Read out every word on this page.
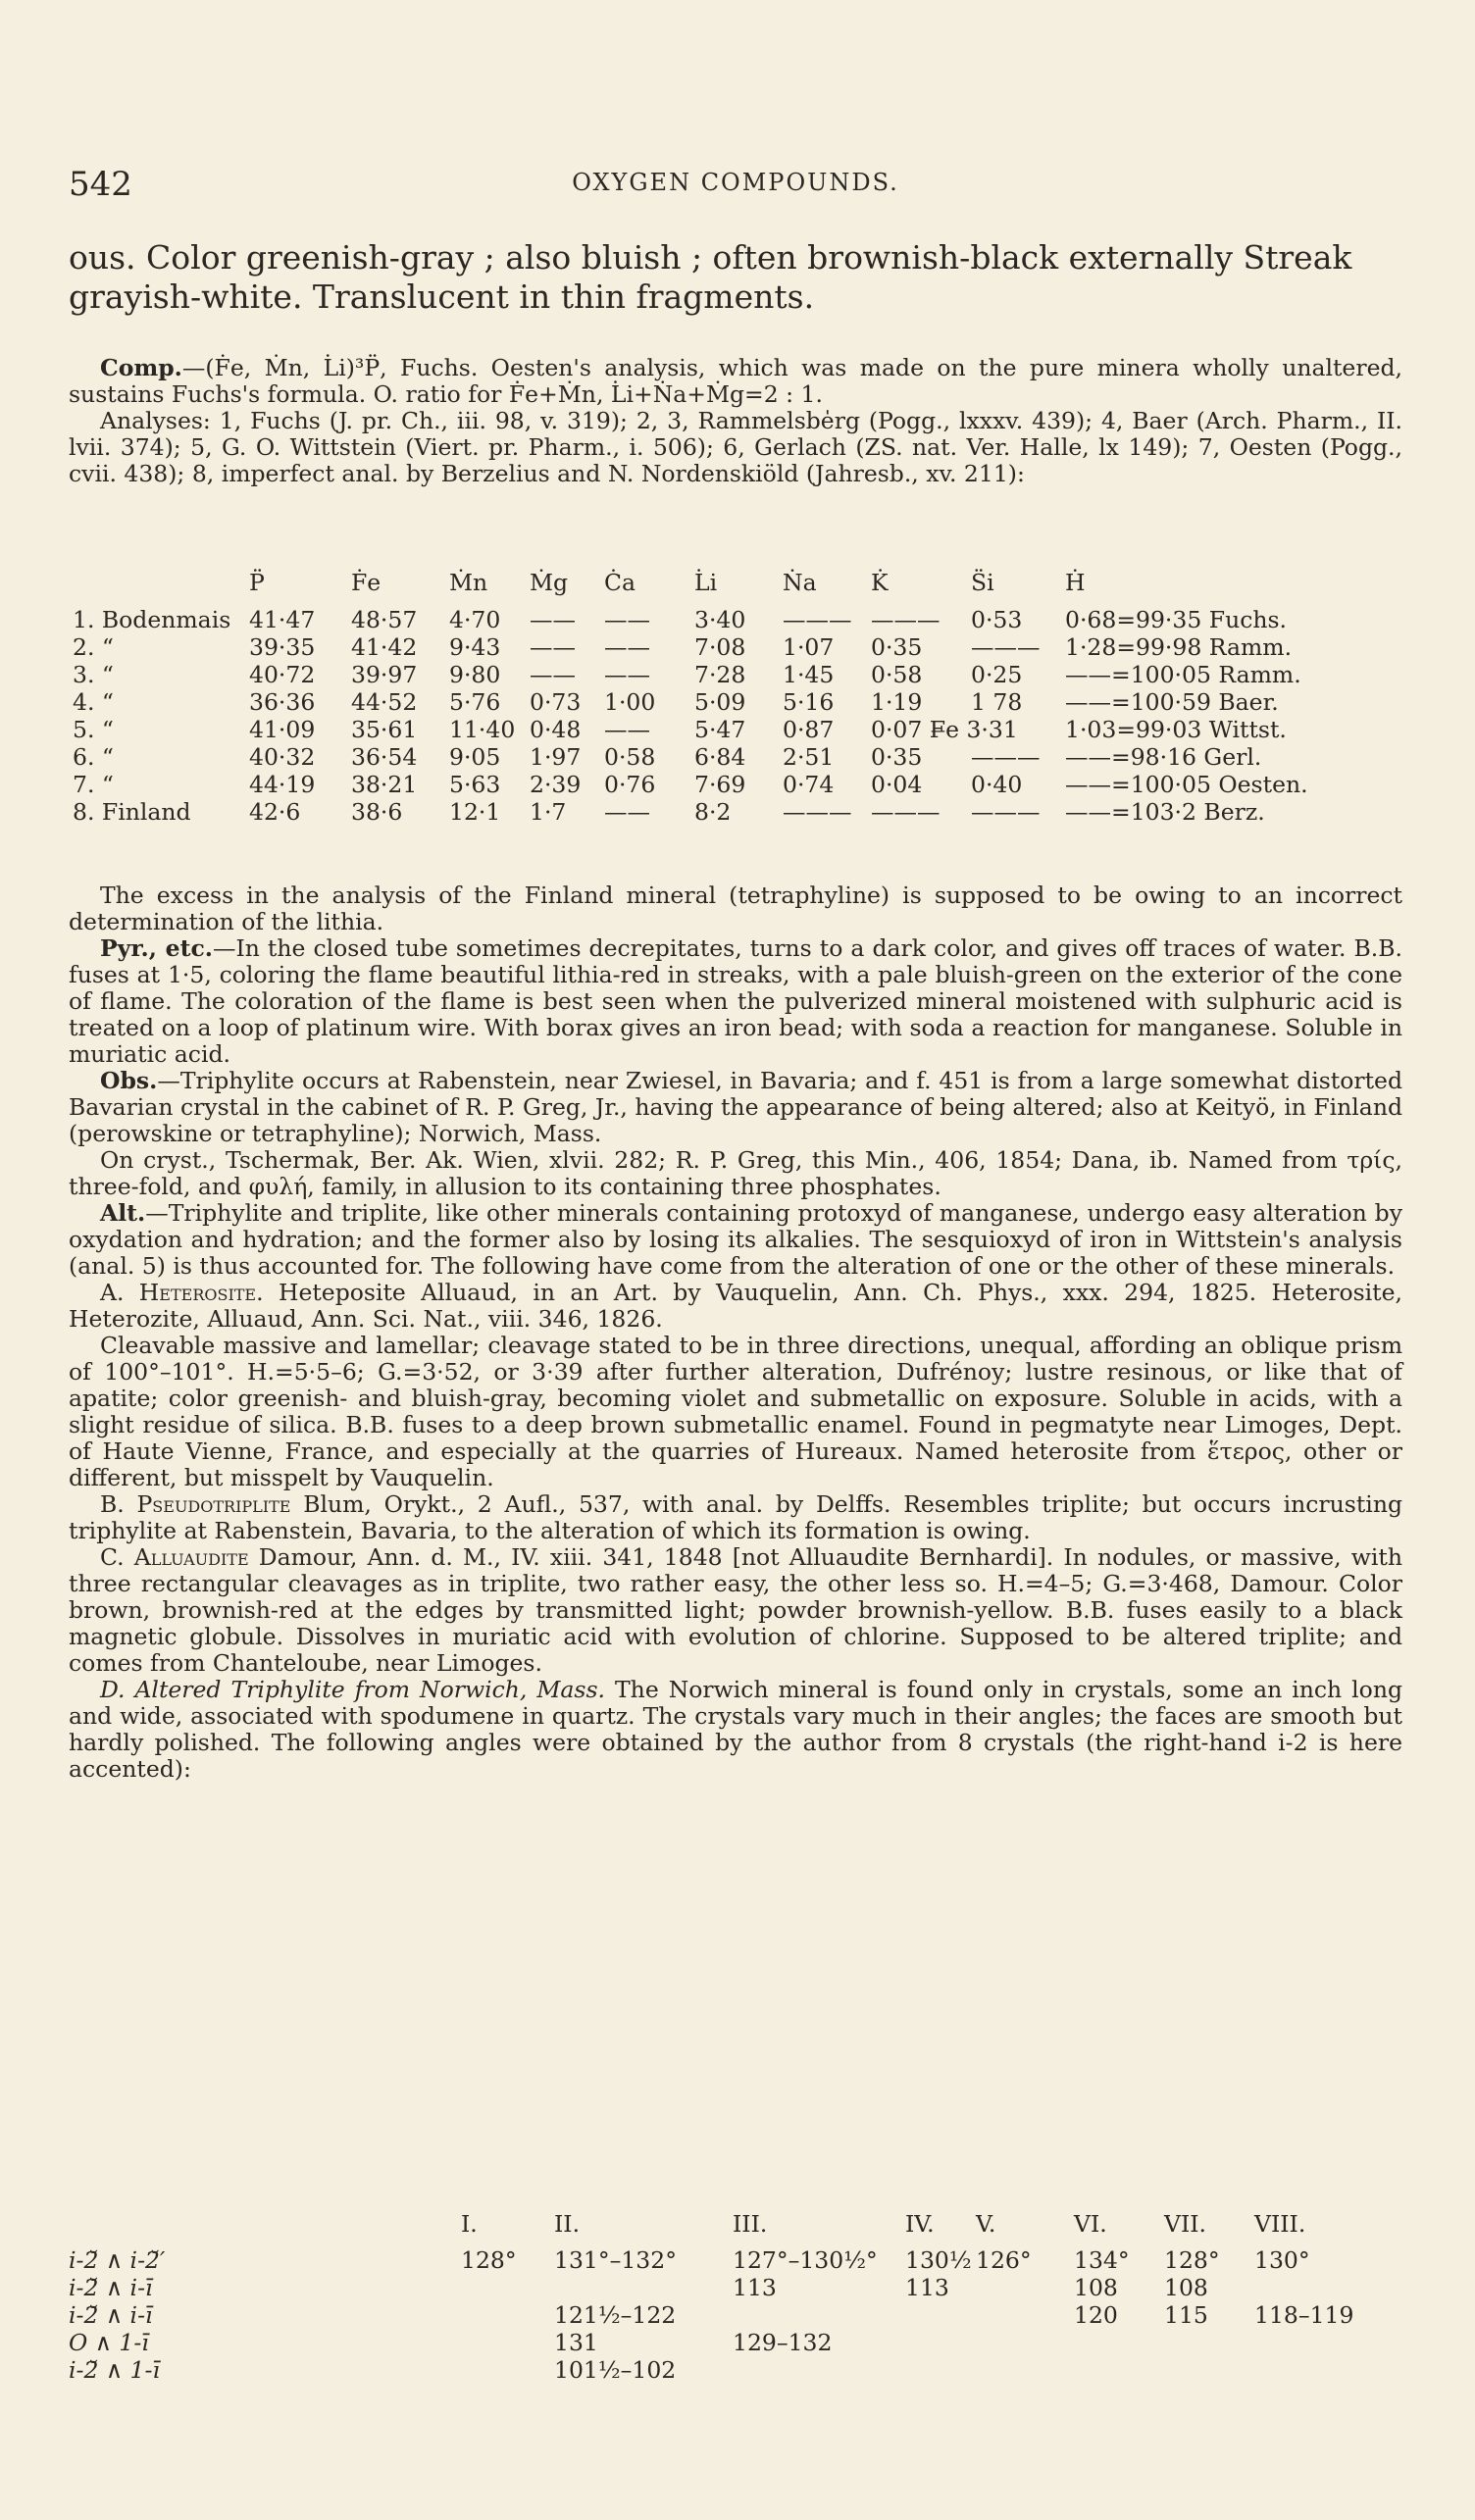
542	OXYGEN COMPOUNDS.

ous. Color greenish-gray ; also bluish ; often brownish-black externally Streak grayish-white. Translucent in thin fragments.

Comp.—(Ḟe, Ṁn, L̇i)³P̈, Fuchs. Oesten's analysis, which was made on the pure minera wholly unaltered, sustains Fuchs's formula. O. ratio for Ḟe+Ṁn, L̇i+Ṅa+Ṁg=2 : 1.

Analyses: 1, Fuchs (J. pr. Ch., iii. 98, v. 319); 2, 3, Rammelsbe̍rg (Pogg., lxxxv. 439); 4, Baer (Arch. Pharm., II. lvii. 374); 5, G. O. Wittstein (Viert. pr. Pharm., i. 506); 6, Gerlach (ZS. nat. Ver. Halle, lx 149); 7, Oesten (Pogg., cvii. 438); 8, imperfect anal. by Berzelius and N. Nordenskiöld (Jahresb., xv. 211):

	P̈	Ḟe	Ṁn	Ṁg	Ċa	L̇i	Ṅa	K̇	S̈i	Ḣ
1. Bodenmais	41·47	48·57	4·70	——	——	3·40	———	———	0·53	0·68=99·35 Fuchs.
2. “	39·35	41·42	9·43	——	——	7·08	1·07	0·35	———	1·28=99·98 Ramm.
3. “	40·72	39·97	9·80	——	——	7·28	1·45	0·58	0·25	——=100·05 Ramm.
4. “	36·36	44·52	5·76	0·73	1·00	5·09	5·16	1·19	1 78	——=100·59 Baer.
5. “	41·09	35·61	11·40	0·48	——	5·47	0·87	0·07 F̶e 3·31		1·03=99·03 Wittst.
6. “	40·32	36·54	9·05	1·97	0·58	6·84	2·51	0·35	———	——=98·16 Gerl.
7. “	44·19	38·21	5·63	2·39	0·76	7·69	0·74	0·04	0·40	——=100·05 Oesten.
8. Finland	42·6	38·6	12·1	1·7	——	8·2	———	———	———	——=103·2 Berz.

The excess in the analysis of the Finland mineral (tetraphyline) is supposed to be owing to an incorrect determination of the lithia.

Pyr., etc.—In the closed tube sometimes decrepitates, turns to a dark color, and gives off traces of water. B.B. fuses at 1·5, coloring the flame beautiful lithia-red in streaks, with a pale bluish-green on the exterior of the cone of flame. The coloration of the flame is best seen when the pulverized mineral moistened with sulphuric acid is treated on a loop of platinum wire. With borax gives an iron bead; with soda a reaction for manganese. Soluble in muriatic acid.

Obs.—Triphylite occurs at Rabenstein, near Zwiesel, in Bavaria; and f. 451 is from a large somewhat distorted Bavarian crystal in the cabinet of R. P. Greg, Jr., having the appearance of being altered; also at Keityö, in Finland (perowskine or tetraphyline); Norwich, Mass.

On cryst., Tschermak, Ber. Ak. Wien, xlvii. 282; R. P. Greg, this Min., 406, 1854; Dana, ib. Named from τρίς, three-fold, and φυλή, family, in allusion to its containing three phosphates.

Alt.—Triphylite and triplite, like other minerals containing protoxyd of manganese, undergo easy alteration by oxydation and hydration; and the former also by losing its alkalies. The sesquioxyd of iron in Wittstein's analysis (anal. 5) is thus accounted for. The following have come from the alteration of one or the other of these minerals.

A. Heterosite. Heteposite Alluaud, in an Art. by Vauquelin, Ann. Ch. Phys., xxx. 294, 1825. Heterosite, Heterozite, Alluaud, Ann. Sci. Nat., viii. 346, 1826.

Cleavable massive and lamellar; cleavage stated to be in three directions, unequal, affording an oblique prism of 100°–101°. H.=5·5–6; G.=3·52, or 3·39 after further alteration, Dufrénoy; lustre resinous, or like that of apatite; color greenish- and bluish-gray, becoming violet and submetallic on exposure. Soluble in acids, with a slight residue of silica. B.B. fuses to a deep brown submetallic enamel. Found in pegmatyte near Limoges, Dept. of Haute Vienne, France, and especially at the quarries of Hureaux. Named heterosite from ἕτερος, other or different, but misspelt by Vauquelin.

B. Pseudotriplite Blum, Orykt., 2 Aufl., 537, with anal. by Delffs. Resembles triplite; but occurs incrusting triphylite at Rabenstein, Bavaria, to the alteration of which its formation is owing.

C. Alluaudite Damour, Ann. d. M., IV. xiii. 341, 1848 [not Alluaudite Bernhardi]. In nodules, or massive, with three rectangular cleavages as in triplite, two rather easy, the other less so. H.=4–5; G.=3·468, Damour. Color brown, brownish-red at the edges by transmitted light; powder brownish-yellow. B.B. fuses easily to a black magnetic globule. Dissolves in muriatic acid with evolution of chlorine. Supposed to be altered triplite; and comes from Chanteloube, near Limoges.

D. Altered Triphylite from Norwich, Mass. The Norwich mineral is found only in crystals, some an inch long and wide, associated with spodumene in quartz. The crystals vary much in their angles; the faces are smooth but hardly polished. The following angles were obtained by the author from 8 crystals (the right-hand i-2 is here accented):

	I.	II.	III.	IV.	V.	VI.	VII.	VIII.
i-2̆ ∧ i-2̆′	128°	131°–132°	127°–130½°	130½	126°	134°	128°	130°
i-2̆ ∧ i-ī			113	113		108	108	
i-2̆ ∧ i-ī		121½–122				120	115	118–119
O ∧ 1-ī		131	129–132					
i-2̆ ∧ 1-ī		101½–102						
